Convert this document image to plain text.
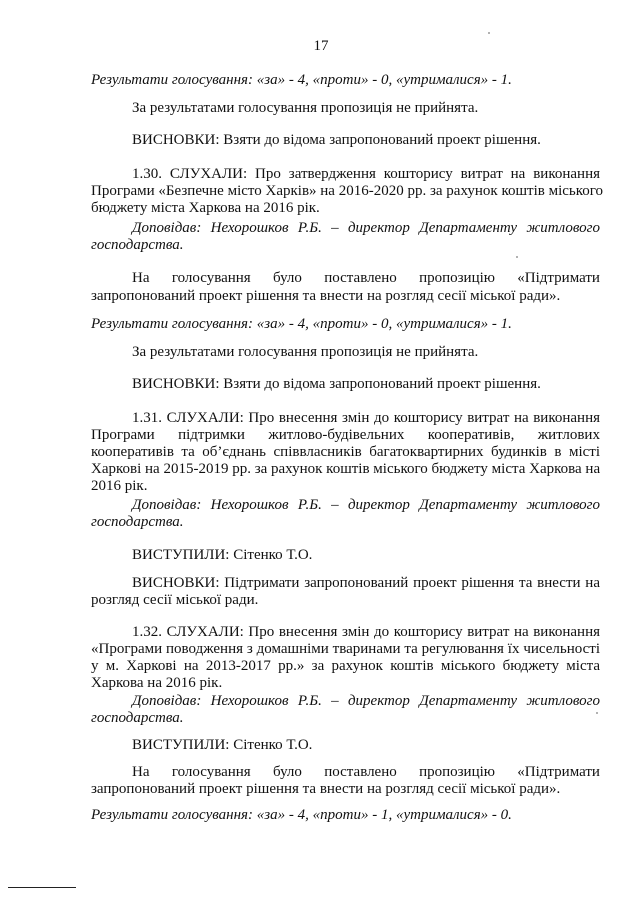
17
Результати голосування: «за» - 4, «проти» - 0, «утрималися» - 1.
За результатами голосування пропозиція не прийнята.
ВИСНОВКИ: Взяти до відома запропонований проект рішення.
1.30. СЛУХАЛИ: Про затвердження кошторису витрат на виконання
Програми «Безпечне місто Харків» на 2016-2020 рр. за рахунок коштів міського
бюджету міста Харкова на 2016 рік.
Доповідав: Нехорошков Р.Б. – директор Департаменту житлового
господарства.
На голосування було поставлено пропозицію «Підтримати
запропонований проект рішення та внести на розгляд сесії міської ради».
Результати голосування: «за» - 4, «проти» - 0, «утрималися» - 1.
За результатами голосування пропозиція не прийнята.
ВИСНОВКИ: Взяти до відома запропонований проект рішення.
1.31. СЛУХАЛИ: Про внесення змін до кошторису витрат на виконання
Програми підтримки житлово-будівельних кооперативів, житлових
кооперативів та об’єднань співвласників багатоквартирних будинків в місті
Харкові на 2015-2019 рр. за рахунок коштів міського бюджету міста Харкова на
2016 рік.
Доповідав: Нехорошков Р.Б. – директор Департаменту житлового
господарства.
ВИСТУПИЛИ: Сітенко Т.О.
ВИСНОВКИ: Підтримати запропонований проект рішення та внести на
розгляд сесії міської ради.
1.32. СЛУХАЛИ: Про внесення змін до кошторису витрат на виконання
«Програми поводження з домашніми тваринами та регулювання їх чисельності
у м. Харкові на 2013-2017 рр.» за рахунок коштів міського бюджету міста
Харкова на 2016 рік.
Доповідав: Нехорошков Р.Б. – директор Департаменту житлового
господарства.
ВИСТУПИЛИ: Сітенко Т.О.
На голосування було поставлено пропозицію «Підтримати
запропонований проект рішення та внести на розгляд сесії міської ради».
Результати голосування: «за» - 4, «проти» - 1, «утрималися» - 0.
